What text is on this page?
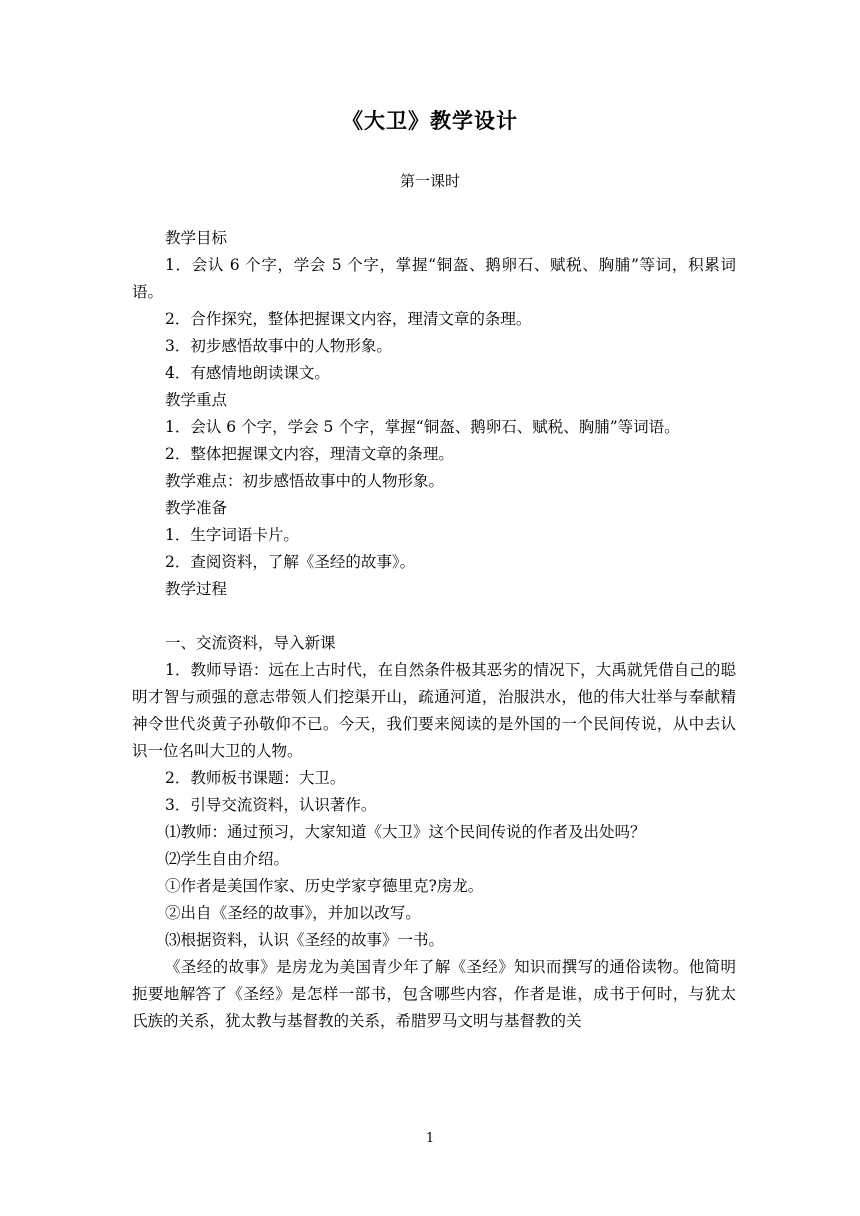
《大卫》教学设计
第一课时

教学目标

1．会认 6 个字，学会 5 个字，掌握“铜盔、鹅卵石、赋税、胸脯”等词，积累词语。

2．合作探究，整体把握课文内容，理清文章的条理。

3．初步感悟故事中的人物形象。

4．有感情地朗读课文。

教学重点

1．会认 6 个字，学会 5 个字，掌握“铜盔、鹅卵石、赋税、胸脯”等词语。

2．整体把握课文内容，理清文章的条理。

教学难点：初步感悟故事中的人物形象。

教学准备

1．生字词语卡片。

2．查阅资料，了解《圣经的故事》。

教学过程

一、交流资料，导入新课

1．教师导语：远在上古时代，在自然条件极其恶劣的情况下，大禹就凭借自己的聪明才智与顽强的意志带领人们挖渠开山，疏通河道，治服洪水，他的伟大壮举与奉献精神令世代炎黄子孙敬仰不已。今天，我们要来阅读的是外国的一个民间传说，从中去认识一位名叫大卫的人物。

2．教师板书课题：大卫。

3．引导交流资料，认识著作。

⑴教师：通过预习，大家知道《大卫》这个民间传说的作者及出处吗？

⑵学生自由介绍。

①作者是美国作家、历史学家亨德里克?房龙。

②出自《圣经的故事》，并加以改写。

⑶根据资料，认识《圣经的故事》一书。

《圣经的故事》是房龙为美国青少年了解《圣经》知识而撰写的通俗读物。他简明扼要地解答了《圣经》是怎样一部书，包含哪些内容，作者是谁，成书于何时，与犹太氏族的关系，犹太教与基督教的关系，希腊罗马文明与基督教的关

1
